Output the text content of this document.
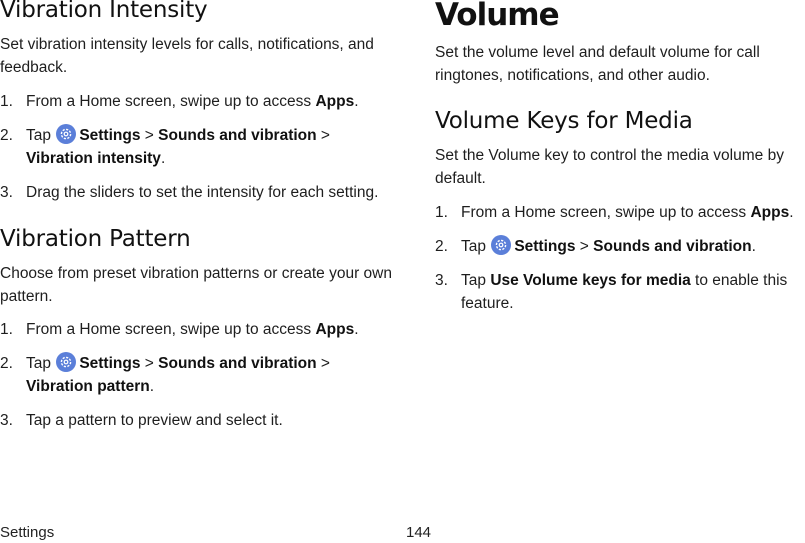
Vibration Intensity

Set vibration intensity levels for calls, notifications, and feedback.

1. From a Home screen, swipe up to access Apps.
2. Tap
Settings > Sounds and vibration >
Vibration intensity.
3. Drag the sliders to set the intensity for each setting.
Vibration Pattern

Choose from preset vibration patterns or create your own pattern.

1. From a Home screen, swipe up to access Apps.
2. Tap
Settings > Sounds and vibration >
Vibration pattern.
3. Tap a pattern to preview and select it.
Volume

Set the volume level and default volume for call ringtones, notifications, and other audio.

Volume Keys for Media

Set the Volume key to control the media volume by default.

1. From a Home screen, swipe up to access Apps.
2. Tap
Settings > Sounds and vibration.
3. Tap Use Volume keys for media to enable this feature.
Settings	144
